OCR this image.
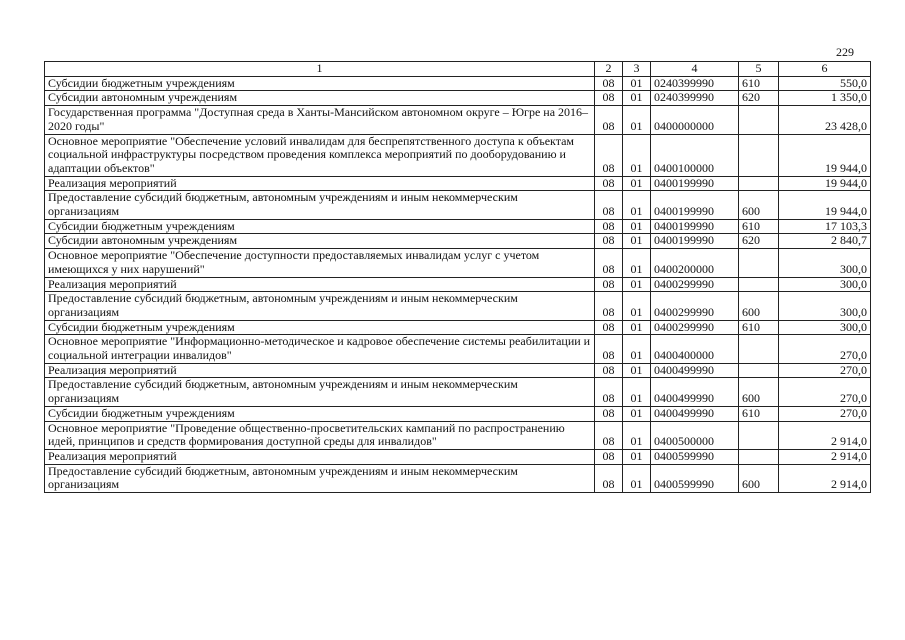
229
1	2	3	4	5	6
Субсидии бюджетным учреждениям	08	01	0240399990	610	550,0
Субсидии автономным учреждениям	08	01	0240399990	620	1 350,0
Государственная программа "Доступная среда в Ханты-Мансийском автономном округе – Югре на 2016–2020 годы"	08	01	0400000000		23 428,0
Основное мероприятие "Обеспечение условий инвалидам для беспрепятственного доступа к объектам социальной инфраструктуры посредством проведения комплекса мероприятий по дооборудованию и адаптации объектов"	08	01	0400100000		19 944,0
Реализация мероприятий	08	01	0400199990		19 944,0
Предоставление субсидий бюджетным, автономным учреждениям и иным некоммерческим организациям	08	01	0400199990	600	19 944,0
Субсидии бюджетным учреждениям	08	01	0400199990	610	17 103,3
Субсидии автономным учреждениям	08	01	0400199990	620	2 840,7
Основное мероприятие "Обеспечение доступности предоставляемых инвалидам услуг с учетом имеющихся у них нарушений"	08	01	0400200000		300,0
Реализация мероприятий	08	01	0400299990		300,0
Предоставление субсидий бюджетным, автономным учреждениям и иным некоммерческим организациям	08	01	0400299990	600	300,0
Субсидии бюджетным учреждениям	08	01	0400299990	610	300,0
Основное мероприятие "Информационно-методическое и кадровое обеспечение системы реабилитации и социальной интеграции инвалидов"	08	01	0400400000		270,0
Реализация мероприятий	08	01	0400499990		270,0
Предоставление субсидий бюджетным, автономным учреждениям и иным некоммерческим организациям	08	01	0400499990	600	270,0
Субсидии бюджетным учреждениям	08	01	0400499990	610	270,0
Основное мероприятие "Проведение общественно-просветительских кампаний по распространению идей, принципов и средств формирования доступной среды для инвалидов"	08	01	0400500000		2 914,0
Реализация мероприятий	08	01	0400599990		2 914,0
Предоставление субсидий бюджетным, автономным учреждениям и иным некоммерческим организациям	08	01	0400599990	600	2 914,0
